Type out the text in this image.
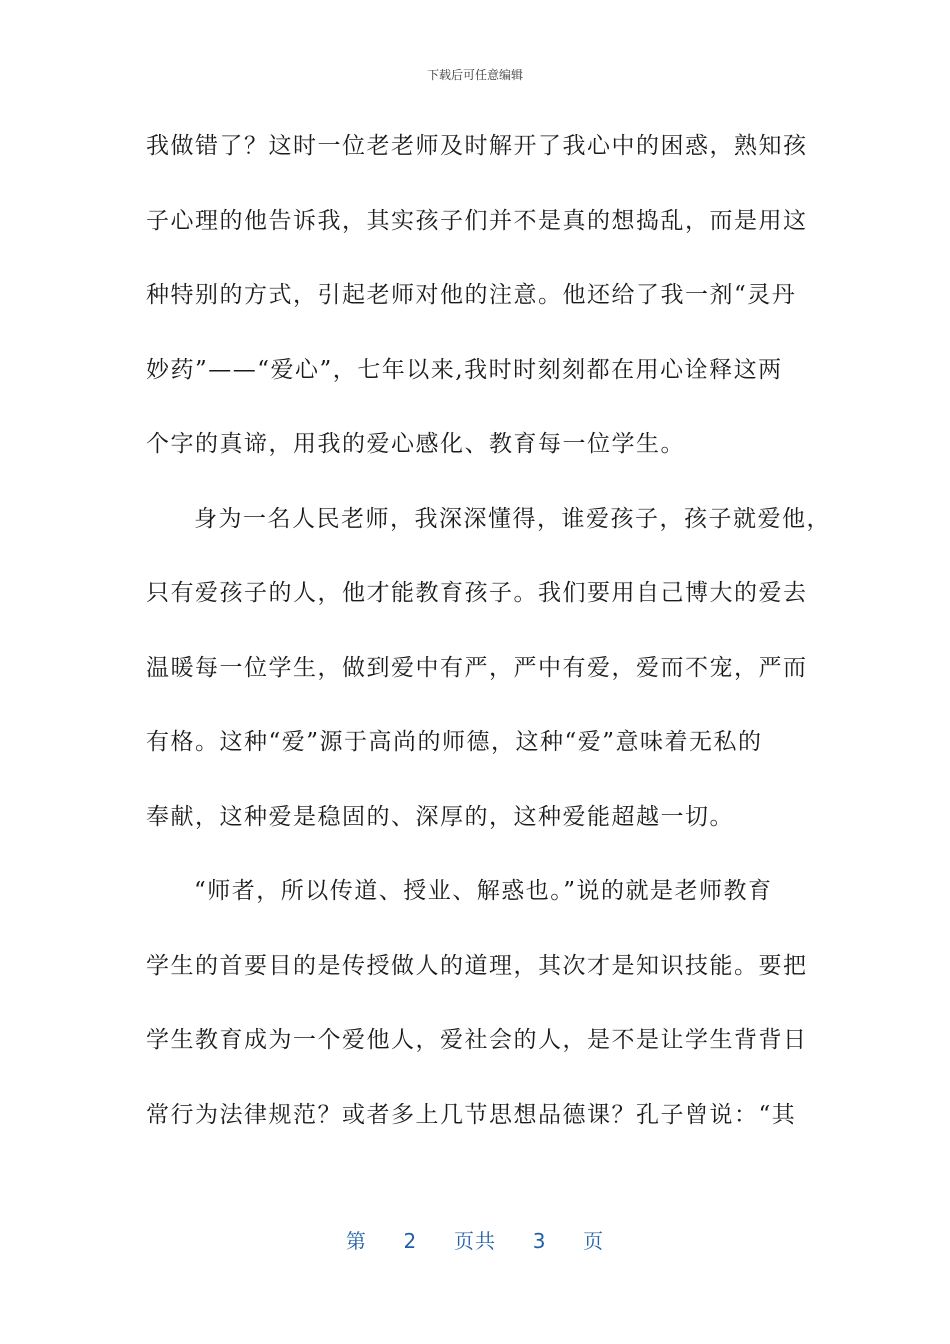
下载后可任意编辑
我做错了？这时一位老老师及时解开了我心中的困惑，熟知孩
子心理的他告诉我，其实孩子们并不是真的想捣乱，而是用这
种特别的方式，引起老师对他的注意。他还给了我一剂“灵丹
妙药”——“爱心”，七年以来,我时时刻刻都在用心诠释这两
个字的真谛，用我的爱心感化、教育每一位学生。
身为一名人民老师，我深深懂得，谁爱孩子，孩子就爱他，
只有爱孩子的人，他才能教育孩子。我们要用自己博大的爱去
温暖每一位学生，做到爱中有严，严中有爱，爱而不宠，严而
有格。这种“爱”源于高尚的师德，这种“爱”意味着无私的
奉献，这种爱是稳固的、深厚的，这种爱能超越一切。
“师者，所以传道、授业、解惑也。”说的就是老师教育
学生的首要目的是传授做人的道理，其次才是知识技能。要把
学生教育成为一个爱他人，爱社会的人，是不是让学生背背日
常行为法律规范？或者多上几节思想品德课？孔子曾说：“其
第 2 页共 3 页
